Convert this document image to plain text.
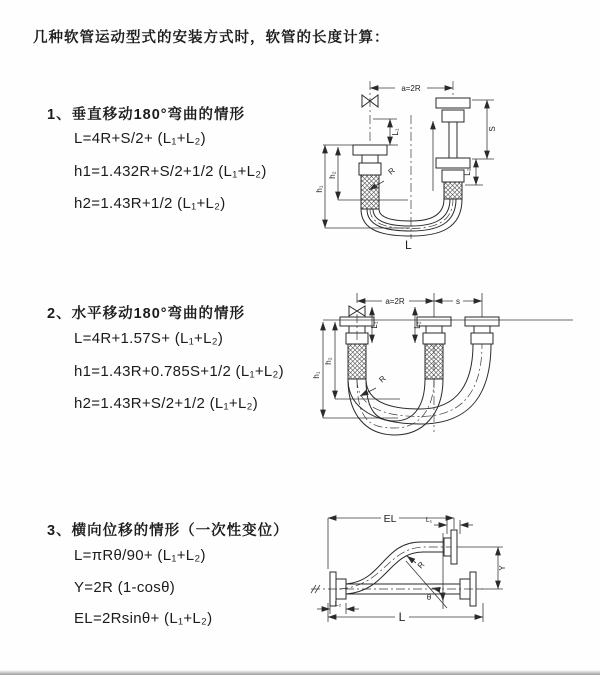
几种软管运动型式的安装方式时，软管的长度计算：
1、垂直移动180°弯曲的情形
L=4R+S/2+ (L₁+L₂)
h1=1.432R+S/2+1/2 (L₁+L₂)
h2=1.43R+1/2 (L₁+L₂)
2、水平移动180°弯曲的情形
L=4R+1.57S+ (L₁+L₂)
h1=1.43R+0.785S+1/2 (L₁+L₂)
h2=1.43R+S/2+1/2 (L₁+L₂)
3、横向位移的情形（一次性变位）
L=πRθ/90+ (L₁+L₂)
Y=2R (1-cosθ)
EL=2Rsinθ+ (L₁+L₂)
a=2R
h₁
h₂
L₁	S
L₂
R
L
a=2R	s
h₁
h₂
L₁	L₂
R
EL	L₁
θ
Y
L
L₂
R
